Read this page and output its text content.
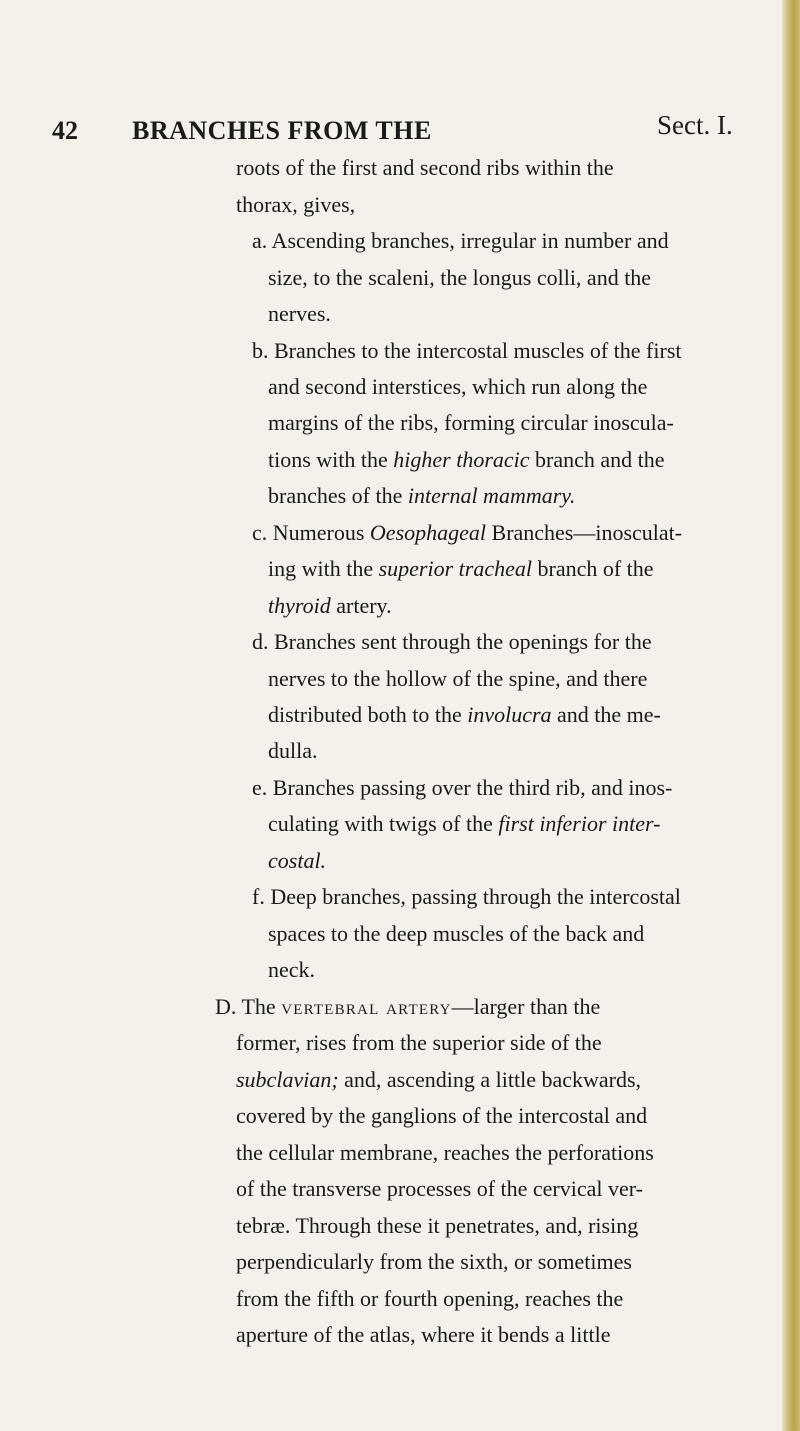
42 BRANCHES FROM THE	Sect. I.
roots of the first and second ribs within the
thorax, gives,
a. Ascending branches, irregular in number and
size, to the scaleni, the longus colli, and the
nerves.
b. Branches to the intercostal muscles of the first
and second interstices, which run along the
margins of the ribs, forming circular inoscula-
tions with the higher thoracic branch and the
branches of the internal mammary.
c. Numerous Oesophageal Branches—inosculat-
ing with the superior tracheal branch of the
thyroid artery.
d. Branches sent through the openings for the
nerves to the hollow of the spine, and there
distributed both to the involucra and the me-
dulla.
e. Branches passing over the third rib, and inos-
culating with twigs of the first inferior inter-
costal.
f. Deep branches, passing through the intercostal
spaces to the deep muscles of the back and
neck.
D. The vertebral artery—larger than the
former, rises from the superior side of the
subclavian; and, ascending a little backwards,
covered by the ganglions of the intercostal and
the cellular membrane, reaches the perforations
of the transverse processes of the cervical ver-
tebræ. Through these it penetrates, and, rising
perpendicularly from the sixth, or sometimes
from the fifth or fourth opening, reaches the
aperture of the atlas, where it bends a little
